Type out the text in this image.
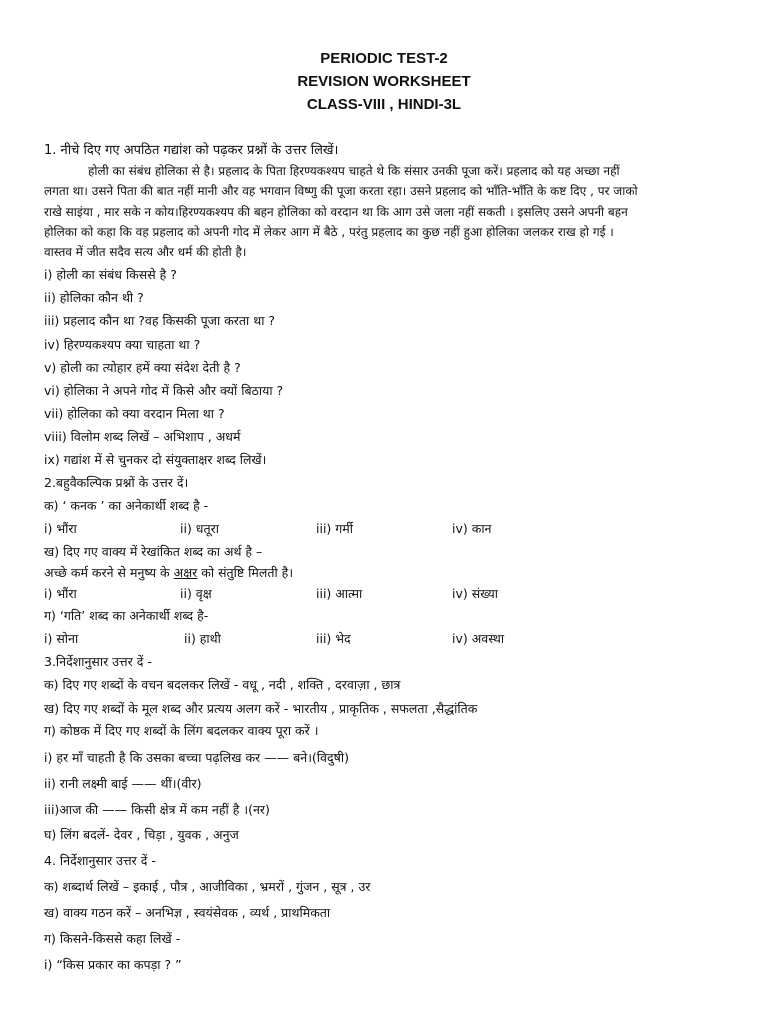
PERIODIC TEST-2
REVISION WORKSHEET
CLASS-VIII , HINDI-3L
1. नीचे दिए गए अपठित गद्यांश को पढ़कर प्रश्नों के उत्तर लिखें।
होली का संबंध होलिका से है। प्रहलाद के पिता हिरण्यकश्यप चाहते थे कि संसार उनकी पूजा करें। प्रहलाद को यह अच्छा नहीं
लगता था। उसने पिता की बात नहीं मानी और वह भगवान विष्णु की पूजा करता रहा। उसने प्रहलाद को भाँति-भाँति के कष्ट दिए , पर जाको
राखे साइंया , मार सके न कोय।हिरण्यकश्यप की बहन होलिका को वरदान था कि आग उसे जला नहीं सकती । इसलिए उसने अपनी बहन
होलिका को कहा कि वह प्रहलाद को अपनी गोद में लेकर आग में बैठे , परंतु प्रहलाद का कुछ नहीं हुआ होलिका जलकर राख हो गई ।
वास्तव में जीत सदैव सत्य और धर्म की होती है।
i) होली का संबंध किससे है ?
ii) होलिका कौन थी ?
iii) प्रहलाद कौन था ?वह किसकी पूजा करता था ?
iv) हिरण्यकश्यप क्या चाहता था ?
v) होली का त्योहार हमें क्या संदेश देती है ?
vi) होलिका ने अपने गोद में किसे और क्यों बिठाया ?
vii) होलिका को क्या वरदान मिला था ?
viii) विलोम शब्द लिखें – अभिशाप , अधर्म
ix) गद्यांश में से चुनकर दो संयुक्ताक्षर शब्द लिखें।
2.बहुवैकल्पिक प्रश्नों के उत्तर दें।
क) ‘ कनक ’ का अनेकार्थी शब्द है -
i) भौंरा	ii) धतूरा	iii) गर्मी	iv) कान
ख) दिए गए वाक्य में रेखांकित शब्द का अर्थ है –
अच्छे कर्म करने से मनुष्य के अक्षर को संतुष्टि मिलती है।
i) भौंरा	ii) वृक्ष	iii) आत्मा	iv) संख्या
ग) ‘गति’ शब्द का अनेकार्थी शब्द है-
i) सोना	ii) हाथी	iii) भेद	iv) अवस्था
3.निर्देशानुसार उत्तर दें -
क) दिए गए शब्दों के वचन बदलकर लिखें - वधू , नदी , शक्ति , दरवाज़ा , छात्र
ख) दिए गए शब्दों के मूल शब्द और प्रत्यय अलग करें - भारतीय , प्राकृतिक , सफलता ,सैद्धांतिक
ग) कोष्ठक में दिए गए शब्दों के लिंग बदलकर वाक्य पूरा करें ।
i) हर माँ चाहती है कि उसका बच्चा पढ़लिख कर —— बने।(विदुषी)
ii) रानी लक्ष्मी बाई —— थीं।(वीर)
iii)आज की —— किसी क्षेत्र में कम नहीं है ।(नर)
घ) लिंग बदलें- देवर , चिड़ा , युवक , अनुज
4. निर्देशानुसार उत्तर दें -
क) शब्दार्थ लिखें – इकाई , पौत्र , आजीविका , भ्रमरों , गुंजन , सूत्र , उर
ख) वाक्य गठन करें – अनभिज्ञ , स्वयंसेवक , व्यर्थ , प्राथमिकता
ग) किसने-किससे कहा लिखें -
i) “किस प्रकार का कपड़ा ? ”
